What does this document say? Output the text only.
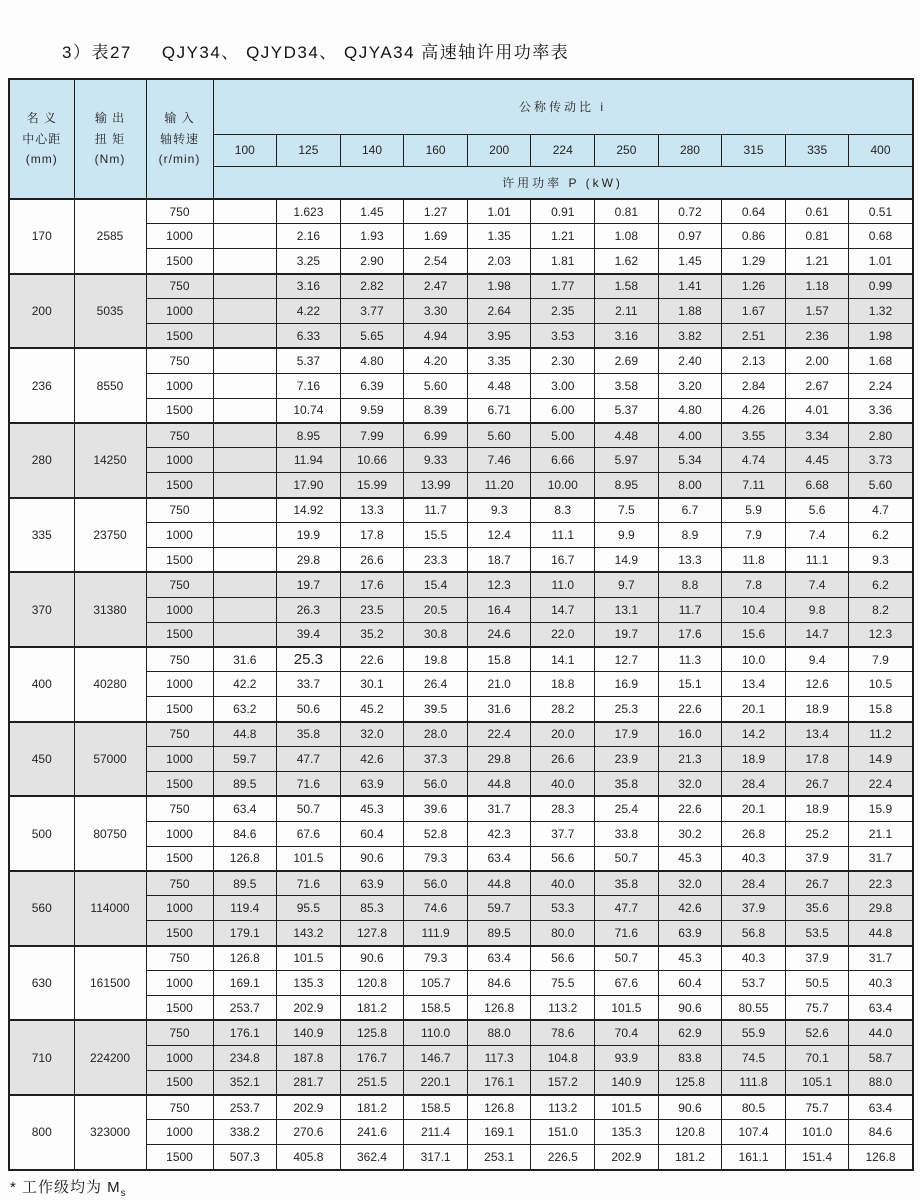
3）表27 QJY34、 QJYD34、 QJYA34 高速轴许用功率表
名 义
中心距
(mm)

输 出
扭 矩
(Nm)

输 入
轴转速
(r/min)
	公称传动比 i
			100	125	140	160	200	224	250	280	315	335	400
			许用功率 P (kW)										
170	2585	750		1.623	1.45	1.27	1.01	0.91	0.81	0.72	0.64	0.61	0.51
		1000		2.16	1.93	1.69	1.35	1.21	1.08	0.97	0.86	0.81	0.68
		1500		3.25	2.90	2.54	2.03	1.81	1.62	1.45	1.29	1.21	1.01
200	5035	750		3.16	2.82	2.47	1.98	1.77	1.58	1.41	1.26	1.18	0.99
		1000		4.22	3.77	3.30	2.64	2.35	2.11	1.88	1.67	1.57	1.32
		1500		6.33	5.65	4.94	3.95	3.53	3.16	3.82	2.51	2.36	1.98
236	8550	750		5.37	4.80	4.20	3.35	2.30	2.69	2.40	2.13	2.00	1.68
		1000		7.16	6.39	5.60	4.48	3.00	3.58	3.20	2.84	2.67	2.24
		1500		10.74	9.59	8.39	6.71	6.00	5.37	4.80	4.26	4.01	3.36
280	14250	750		8.95	7.99	6.99	5.60	5.00	4.48	4.00	3.55	3.34	2.80
		1000		11.94	10.66	9.33	7.46	6.66	5.97	5.34	4.74	4.45	3.73
		1500		17.90	15.99	13.99	11.20	10.00	8.95	8.00	7.11	6.68	5.60
335	23750	750		14.92	13.3	11.7	9.3	8.3	7.5	6.7	5.9	5.6	4.7
		1000		19.9	17.8	15.5	12.4	11.1	9.9	8.9	7.9	7.4	6.2
		1500		29.8	26.6	23.3	18.7	16.7	14.9	13.3	11.8	11.1	9.3
370	31380	750		19.7	17.6	15.4	12.3	11.0	9.7	8.8	7.8	7.4	6.2
		1000		26.3	23.5	20.5	16.4	14.7	13.1	11.7	10.4	9.8	8.2
		1500		39.4	35.2	30.8	24.6	22.0	19.7	17.6	15.6	14.7	12.3
400	40280	750	31.6	25.3	22.6	19.8	15.8	14.1	12.7	11.3	10.0	9.4	7.9
		1000	42.2	33.7	30.1	26.4	21.0	18.8	16.9	15.1	13.4	12.6	10.5
		1500	63.2	50.6	45.2	39.5	31.6	28.2	25.3	22.6	20.1	18.9	15.8
450	57000	750	44.8	35.8	32.0	28.0	22.4	20.0	17.9	16.0	14.2	13.4	11.2
		1000	59.7	47.7	42.6	37.3	29.8	26.6	23.9	21.3	18.9	17.8	14.9
		1500	89.5	71.6	63.9	56.0	44.8	40.0	35.8	32.0	28.4	26.7	22.4
500	80750	750	63.4	50.7	45.3	39.6	31.7	28.3	25.4	22.6	20.1	18.9	15.9
		1000	84.6	67.6	60.4	52.8	42.3	37.7	33.8	30.2	26.8	25.2	21.1
		1500	126.8	101.5	90.6	79.3	63.4	56.6	50.7	45.3	40.3	37.9	31.7
560	114000	750	89.5	71.6	63.9	56.0	44.8	40.0	35.8	32.0	28.4	26.7	22.3
		1000	119.4	95.5	85.3	74.6	59.7	53.3	47.7	42.6	37.9	35.6	29.8
		1500	179.1	143.2	127.8	111.9	89.5	80.0	71.6	63.9	56.8	53.5	44.8
630	161500	750	126.8	101.5	90.6	79.3	63.4	56.6	50.7	45.3	40.3	37.9	31.7
		1000	169.1	135.3	120.8	105.7	84.6	75.5	67.6	60.4	53.7	50.5	40.3
		1500	253.7	202.9	181.2	158.5	126.8	113.2	101.5	90.6	80.55	75.7	63.4
710	224200	750	176.1	140.9	125.8	110.0	88.0	78.6	70.4	62.9	55.9	52.6	44.0
		1000	234.8	187.8	176.7	146.7	117.3	104.8	93.9	83.8	74.5	70.1	58.7
		1500	352.1	281.7	251.5	220.1	176.1	157.2	140.9	125.8	111.8	105.1	88.0
800	323000	750	253.7	202.9	181.2	158.5	126.8	113.2	101.5	90.6	80.5	75.7	63.4
		1000	338.2	270.6	241.6	211.4	169.1	151.0	135.3	120.8	107.4	101.0	84.6
		1500	507.3	405.8	362.4	317.1	253.1	226.5	202.9	181.2	161.1	151.4	126.8
* 工作级均为 $M_s$
